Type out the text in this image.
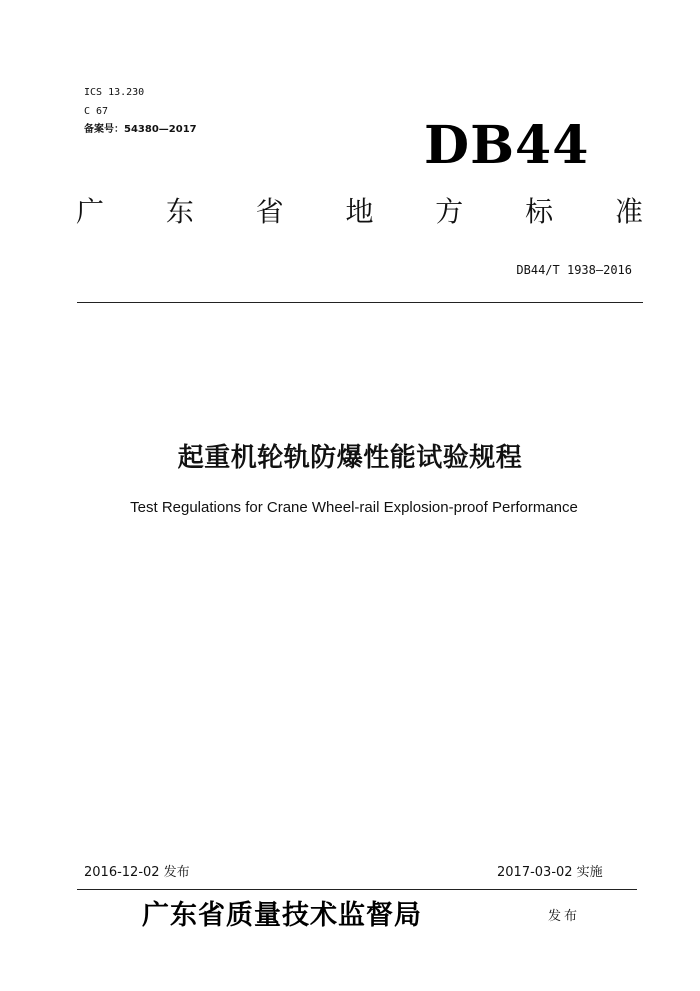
ICS 13.230
C 67
备案号：54380—2017	DB44
广 东 省 地 方 标 准
DB44/T 1938—2016
起重机轮轨防爆性能试验规程
Test Regulations for Crane Wheel-rail Explosion-proof Performance
2016-12-02 发布	2017-03-02 实施
广东省质量技术监督局	发布
